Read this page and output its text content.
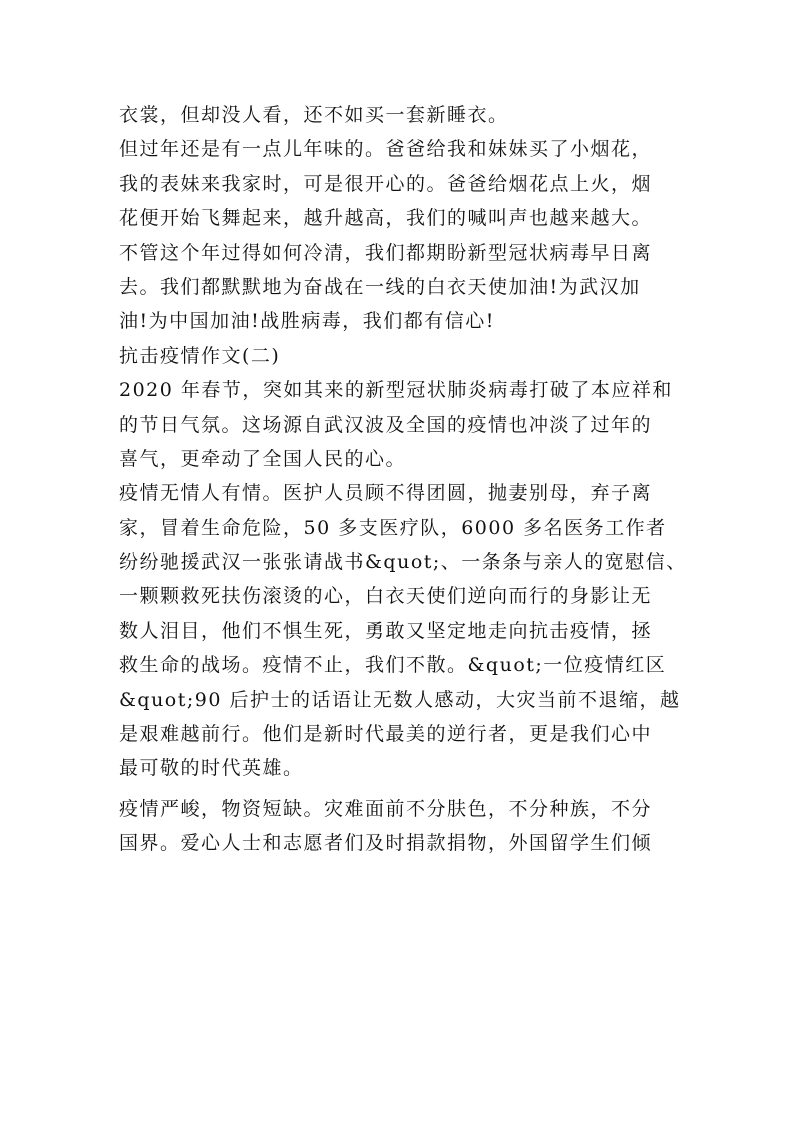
衣裳，但却没人看，还不如买一套新睡衣。
但过年还是有一点儿年味的。爸爸给我和妹妹买了小烟花，
我的表妹来我家时，可是很开心的。爸爸给烟花点上火，烟
花便开始飞舞起来，越升越高，我们的喊叫声也越来越大。
不管这个年过得如何冷清，我们都期盼新型冠状病毒早日离
去。我们都默默地为奋战在一线的白衣天使加油!为武汉加
油!为中国加油!战胜病毒，我们都有信心!
抗击疫情作文(二)
2020 年春节，突如其来的新型冠状肺炎病毒打破了本应祥和
的节日气氛。这场源自武汉波及全国的疫情也冲淡了过年的
喜气，更牵动了全国人民的心。
疫情无情人有情。医护人员顾不得团圆，抛妻别母，弃子离
家，冒着生命危险，50 多支医疗队，6000 多名医务工作者
纷纷驰援武汉一张张请战书&quot;、一条条与亲人的宽慰信、
一颗颗救死扶伤滚烫的心，白衣天使们逆向而行的身影让无
数人泪目，他们不惧生死，勇敢又坚定地走向抗击疫情，拯
救生命的战场。疫情不止，我们不散。&quot;一位疫情红区
&quot;90 后护士的话语让无数人感动，大灾当前不退缩，越
是艰难越前行。他们是新时代最美的逆行者，更是我们心中
最可敬的时代英雄。
疫情严峻，物资短缺。灾难面前不分肤色，不分种族，不分
国界。爱心人士和志愿者们及时捐款捐物，外国留学生们倾
